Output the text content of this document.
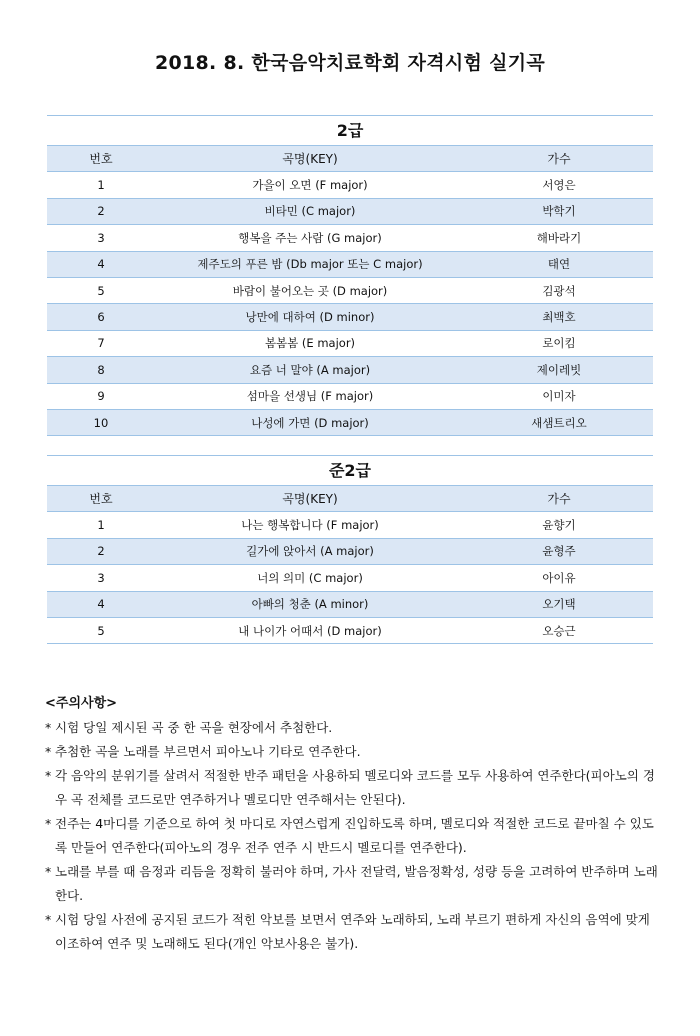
2018. 8. 한국음악치료학회 자격시험 실기곡
2급
번호	곡명(KEY)	가수
1	가을이 오면 (F major)	서영은
2	비타민 (C major)	박학기
3	행복을 주는 사람 (G major)	해바라기
4	제주도의 푸른 밤 (Db major 또는 C major)	태연
5	바람이 불어오는 곳 (D major)	김광석
6	낭만에 대하여 (D minor)	최백호
7	봄봄봄 (E major)	로이킴
8	요즘 너 말야 (A major)	제이레빗
9	섬마을 선생님 (F major)	이미자
10	나성에 가면 (D major)	새샘트리오
준2급
번호	곡명(KEY)	가수
1	나는 행복합니다 (F major)	윤향기
2	길가에 앉아서 (A major)	윤형주
3	너의 의미 (C major)	아이유
4	아빠의 청춘 (A minor)	오기택
5	내 나이가 어때서 (D major)	오승근
<주의사항>
* 시험 당일 제시된 곡 중 한 곡을 현장에서 추첨한다.
* 추첨한 곡을 노래를 부르면서 피아노나 기타로 연주한다.
* 각 음악의 분위기를 살려서 적절한 반주 패턴을 사용하되 멜로디와 코드를 모두 사용하여 연주한다(피아노의 경우 곡 전체를 코드로만 연주하거나 멜로디만 연주해서는 안된다).
* 전주는 4마디를 기준으로 하여 첫 마디로 자연스럽게 진입하도록 하며, 멜로디와 적절한 코드로 끝마칠 수 있도록 만들어 연주한다(피아노의 경우 전주 연주 시 반드시 멜로디를 연주한다).
* 노래를 부를 때 음정과 리듬을 정확히 불러야 하며, 가사 전달력, 발음정확성, 성량 등을 고려하여 반주하며 노래한다.
* 시험 당일 사전에 공지된 코드가 적힌 악보를 보면서 연주와 노래하되, 노래 부르기 편하게 자신의 음역에 맞게 이조하여 연주 및 노래해도 된다(개인 악보사용은 불가).
